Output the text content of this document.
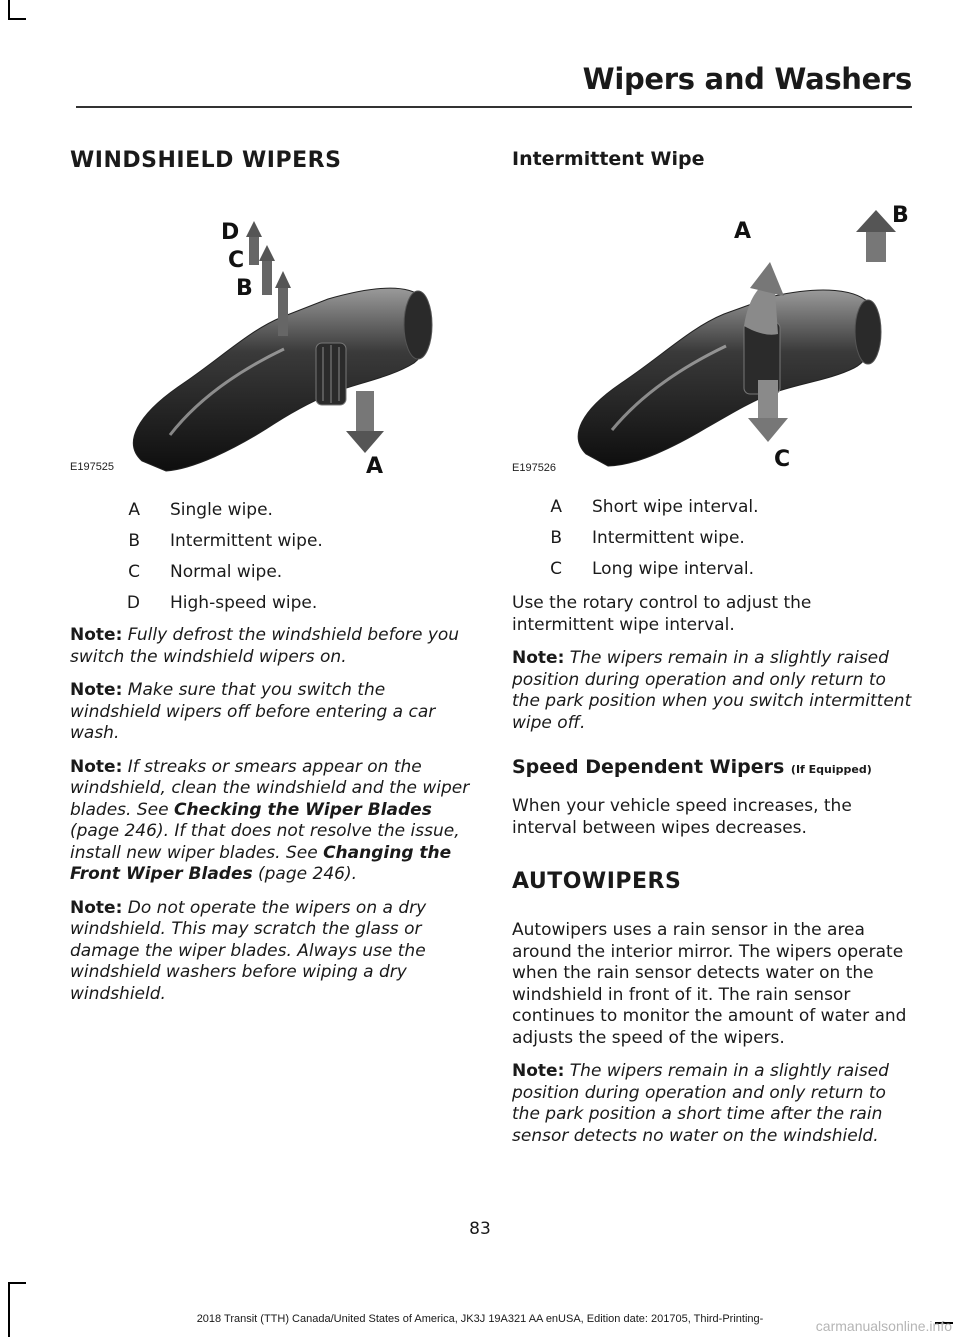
Wipers and Washers
WINDSHIELD WIPERS
D
C
B
A
E197525
A	Single wipe.
B	Intermittent wipe.
C	Normal wipe.
D	High-speed wipe.

Note: Fully defrost the windshield before you switch the windshield wipers on.

Note: Make sure that you switch the windshield wipers off before entering a car wash.

Note: If streaks or smears appear on the windshield, clean the windshield and the wiper blades. See Checking the Wiper Blades (page 246). If that does not resolve the issue, install new wiper blades. See Changing the Front Wiper Blades (page 246).

Note: Do not operate the wipers on a dry windshield. This may scratch the glass or damage the wiper blades. Always use the windshield washers before wiping a dry windshield.

Intermittent Wipe
A
B
C
E197526
A	Short wipe interval.
B	Intermittent wipe.
C	Long wipe interval.

Use the rotary control to adjust the intermittent wipe interval.

Note: The wipers remain in a slightly raised position during operation and only return to the park position when you switch intermittent wipe off.

Speed Dependent Wipers (If Equipped)

When your vehicle speed increases, the interval between wipes decreases.

AUTOWIPERS

Autowipers uses a rain sensor in the area around the interior mirror. The wipers operate when the rain sensor detects water on the windshield in front of it. The rain sensor continues to monitor the amount of water and adjusts the speed of the wipers.

Note: The wipers remain in a slightly raised position during operation and only return to the park position a short time after the rain sensor detects no water on the windshield.

83
2018 Transit (TTH) Canada/United States of America, JK3J 19A321 AA enUSA, Edition date: 201705, Third-Printing-	carmanualsonline.info
